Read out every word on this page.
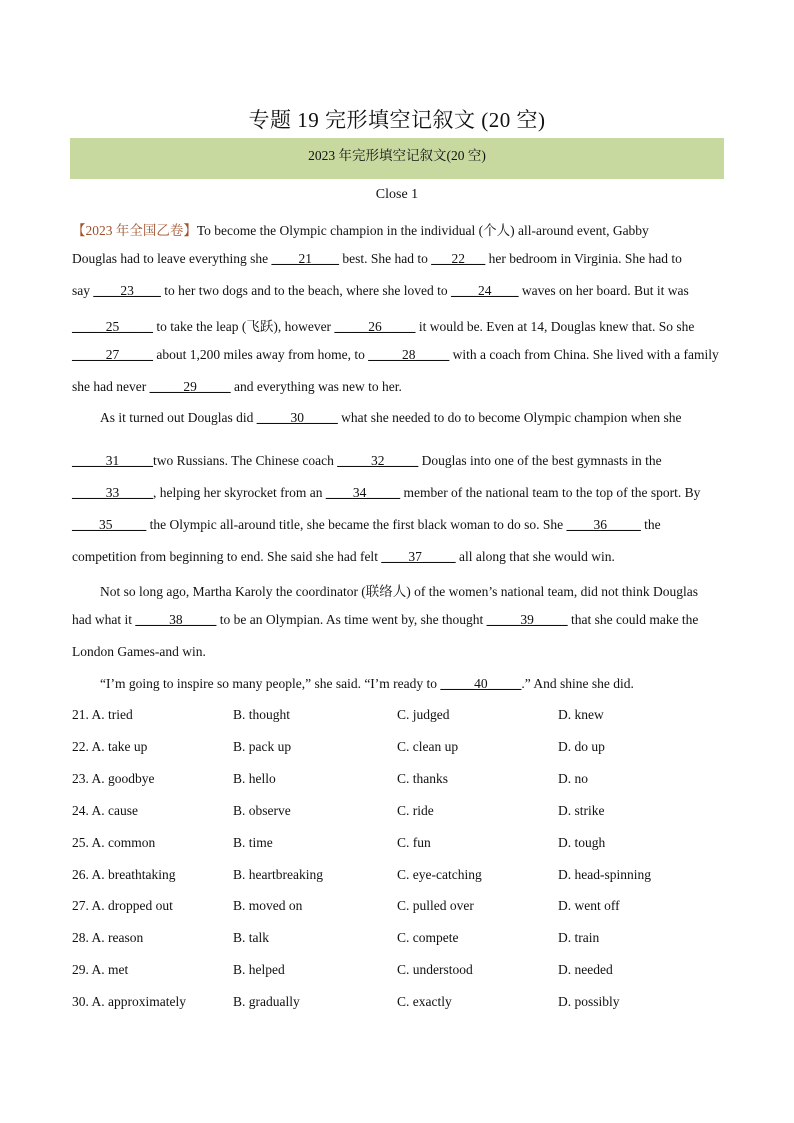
专题 19 完形填空记叙文 (20 空)
2023 年完形填空记叙文(20 空)
Close 1
【2023 年全国乙卷】To become the Olympic champion in the individual (个人) all-around event, Gabby
Douglas had to leave everything she ____21____ best. She had to ___22___ her bedroom in Virginia. She had to
say ____23____ to her two dogs and to the beach, where she loved to ____24____ waves on her board. But it was
_____25_____ to take the leap (飞跃), however _____26_____ it would be. Even at 14, Douglas knew that. So she
_____27_____ about 1,200 miles away from home, to _____28_____ with a coach from China. She lived with a family
she had never _____29_____ and everything was new to her.
As it turned out Douglas did _____30_____ what she needed to do to become Olympic champion when she
_____31_____two Russians. The Chinese coach _____32_____ Douglas into one of the best gymnasts in the
_____33_____, helping her skyrocket from an ____34_____ member of the national team to the top of the sport. By
____35_____ the Olympic all-around title, she became the first black woman to do so. She ____36_____ the
competition from beginning to end. She said she had felt ____37_____ all along that she would win.
Not so long ago, Martha Karoly the coordinator (联络人) of the women’s national team, did not think Douglas
had what it _____38_____ to be an Olympian. As time went by, she thought _____39_____ that she could make the
London Games-and win.
“I’m going to inspire so many people,” she said. “I’m ready to _____40_____.” And shine she did.
21. A. tried	B. thought	C. judged	D. knew
22. A. take up	B. pack up	C. clean up	D. do up
23. A. goodbye	B. hello	C. thanks	D. no
24. A. cause	B. observe	C. ride	D. strike
25. A. common	B. time	C. fun	D. tough
26. A. breathtaking	B. heartbreaking	C. eye-catching	D. head-spinning
27. A. dropped out	B. moved on	C. pulled over	D. went off
28. A. reason	B. talk	C. compete	D. train
29. A. met	B. helped	C. understood	D. needed
30. A. approximately	B. gradually	C. exactly	D. possibly
